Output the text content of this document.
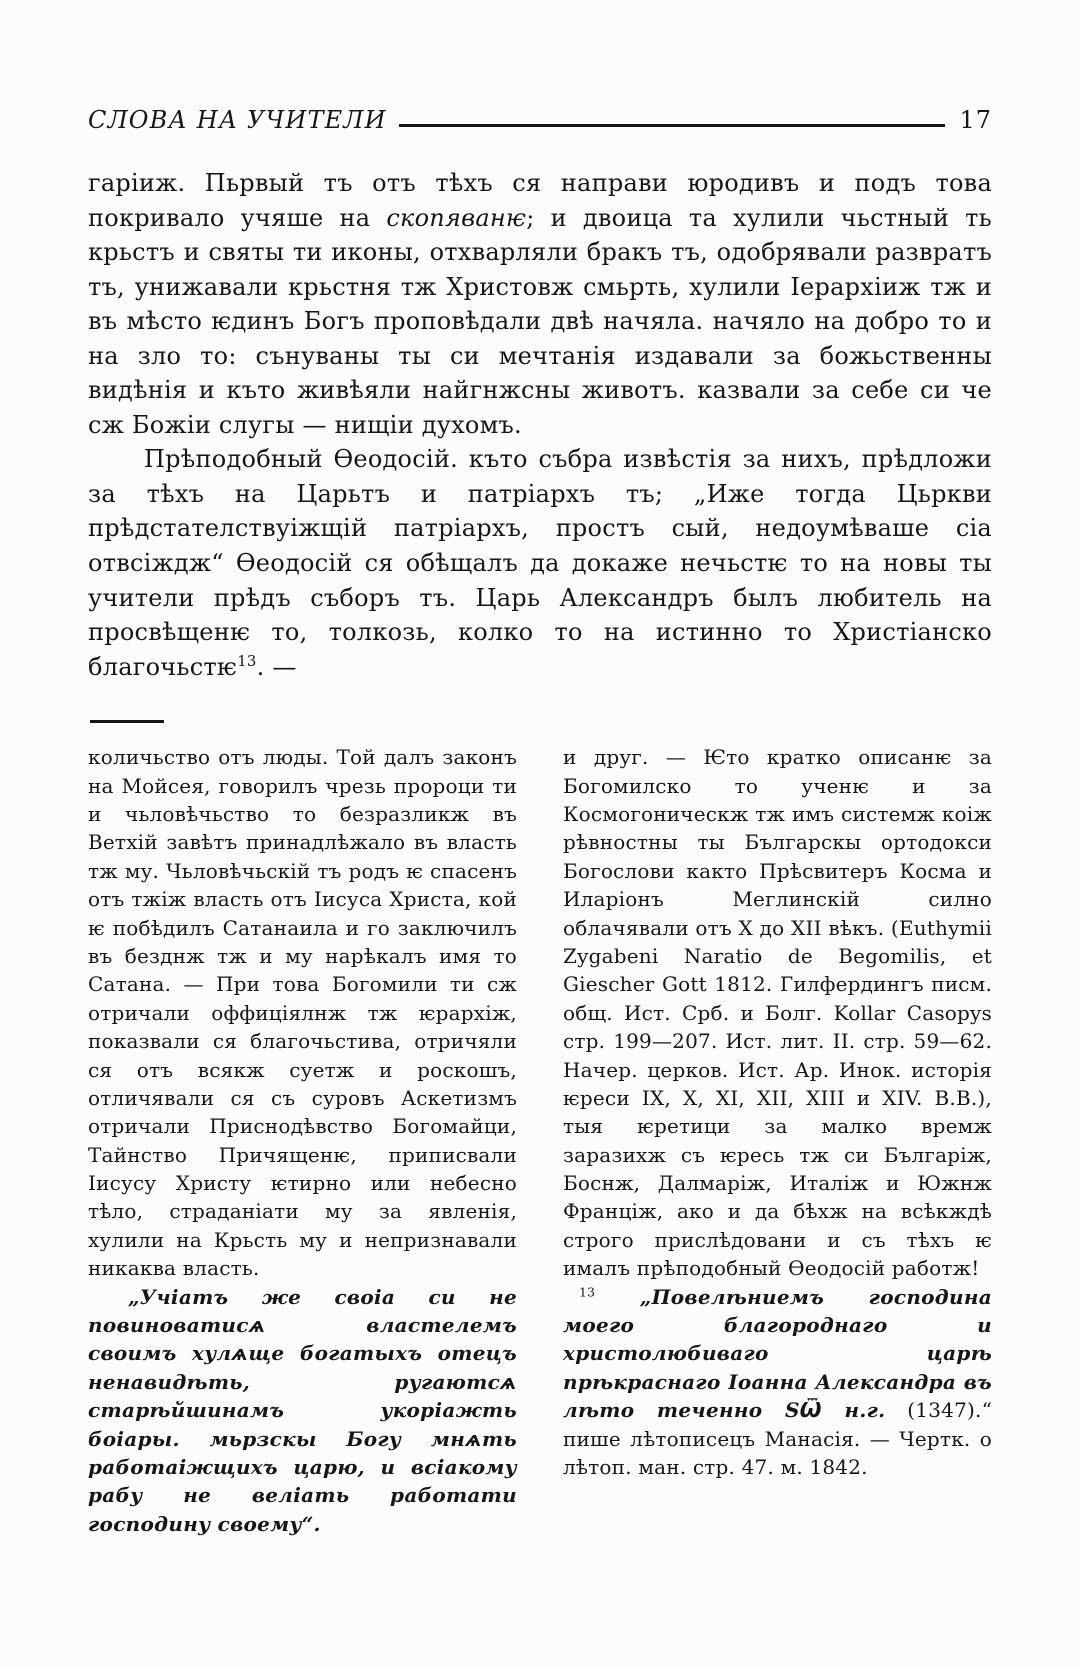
СЛОВА НА УЧИТЕЛИ	17

гаріиж. Пьрвый тъ отъ тѣхъ ся направи юродивъ и подъ това покривало учяше на скопяванѥ; и двоица та хулили чьстный ть крьстъ и святы ти иконы, отхварляли бракъ тъ, одобрявали развратъ тъ, унижавали крьстня тж Христовж смьрть, хулили Іерархіиж тж и въ мѣсто ѥдинъ Богъ проповѣдали двѣ начяла. начяло на добро то и на зло то: сънуваны ты си мечтанія издавали за божьственны видѣнія и къто живѣяли найгнжсны животъ. казвали за себе си че сж Божіи слугы — нищіи духомъ.

Прѣподобный Ѳеодосій. къто събра извѣстія за нихъ, прѣдложи за тѣхъ на Царьтъ и патріархъ тъ; „Иже тогда Цьркви прѣдстателствуіжщій патріархъ, простъ сый, недоумѣваше сіа отвсіждж“ Ѳеодосій ся обѣщалъ да докаже нечьстѥ то на новы ты учители прѣдъ съборъ тъ. Царь Александръ былъ любитель на просвѣщенѥ то, толкозь, колко то на истинно то Христіанско благочьстѥ$^{13}$. —

количьство отъ люды. Той далъ законъ на Мойсея, говорилъ чрезь пророци ти и чьловѣчьство то безразликж въ Ветхій завѣтъ принадлѣжало въ власть тж му. Чьловѣчьскій тъ родъ ѥ спасенъ отъ тжіж власть отъ Іисуса Христа, кой ѥ побѣдилъ Сатанаила и го заключилъ въ безднж тж и му нарѣкалъ имя то Сатана. — При това Богомили ти сж отричали оффиціялнж тж ѥрархіж, показвали ся благочьстива, отричяли ся отъ всякж суетж и роскошъ, отличявали ся съ суровъ Аскетизмъ отричали Приснодѣвство Богомайци, Тайнство Причященѥ, приписвали Іисусу Христу ѥтирно или небесно тѣло, страданіати му за явленія, хулили на Крьсть му и непризнавали никаква власть.

„Учіатъ же своіа си не повиноватисѧ властелемъ своимъ хулѧще богатыхъ отецъ ненавидѣть, ругаютсѧ старѣйшинамъ укоріажть боіары. мьрзскы Богу мнѧть работаіжщихъ царю, и всіакому рабу не веліать работати господину своему“.

и друг. — Ѥто кратко описанѥ за Богомилско то ученѥ и за Космогоническж тж имъ системж коіж рѣвностны ты Българскы ортодокси Богослови както Прѣсвитеръ Косма и Иларіонъ Меглинскій силно облачявали отъ X до XII вѣкъ. (Euthymii Zygabeni Naratio de Begomilis, et Giescher Gott 1812. Гилфердингъ писм. общ. Ист. Срб. и Болг. Kollar Casopys стр. 199—207. Ист. лит. II. стр. 59—62. Начер. церков. Ист. Ар. Инок. исторія ѥреси IX, X, XI, XII, XIII и XIV. В.В.), тыя ѥретици за малко времж заразихж съ ѥресь тж си Българіж, Боснж, Далмаріж, Италіж и Южнж Франціж, ако и да бѣхж на всѣкждѣ строго прислѣдовани и съ тѣхъ ѥ ималъ прѣподобный Ѳеодосій работж!

$^{13}$ „Повелѣниемъ господина моего благороднаго и христолюбиваго царѣ прѣкраснаго Іоанна Александра въ лѣто теченно ЅѾ н.г. (1347).“ пише лѣтописецъ Манасія. — Чертк. о лѣтоп. ман. стр. 47. м. 1842.
